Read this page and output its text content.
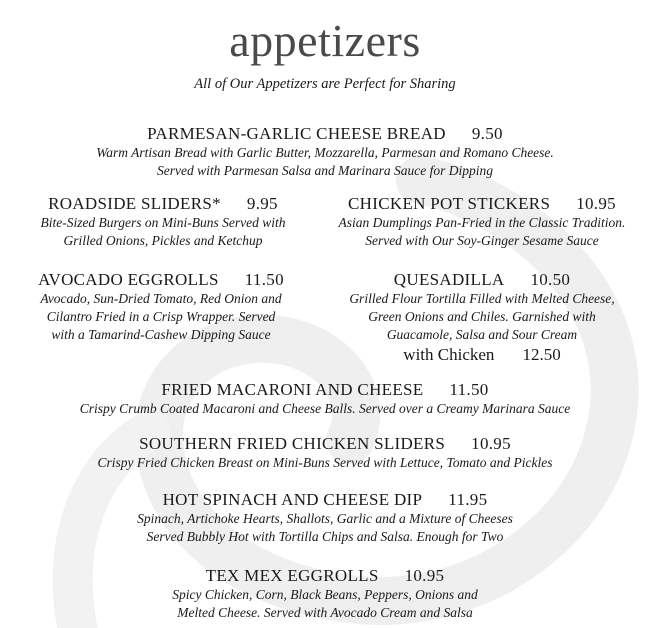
appetizers
All of Our Appetizers are Perfect for Sharing
PARMESAN-GARLIC CHEESE BREAD 9.50
Warm Artisan Bread with Garlic Butter, Mozzarella, Parmesan and Romano Cheese.
Served with Parmesan Salsa and Marinara Sauce for Dipping
ROADSIDE SLIDERS* 9.95
Bite-Sized Burgers on Mini-Buns Served with
Grilled Onions, Pickles and Ketchup
CHICKEN POT STICKERS 10.95
Asian Dumplings Pan-Fried in the Classic Tradition.
Served with Our Soy-Ginger Sesame Sauce
AVOCADO EGGROLLS 11.50
Avocado, Sun-Dried Tomato, Red Onion and
Cilantro Fried in a Crisp Wrapper. Served
with a Tamarind-Cashew Dipping Sauce
QUESADILLA 10.50
Grilled Flour Tortilla Filled with Melted Cheese,
Green Onions and Chiles. Garnished with
Guacamole, Salsa and Sour Cream
with Chicken 12.50
FRIED MACARONI AND CHEESE 11.50
Crispy Crumb Coated Macaroni and Cheese Balls. Served over a Creamy Marinara Sauce
SOUTHERN FRIED CHICKEN SLIDERS 10.95
Crispy Fried Chicken Breast on Mini-Buns Served with Lettuce, Tomato and Pickles
HOT SPINACH AND CHEESE DIP 11.95
Spinach, Artichoke Hearts, Shallots, Garlic and a Mixture of Cheeses
Served Bubbly Hot with Tortilla Chips and Salsa. Enough for Two
TEX MEX EGGROLLS 10.95
Spicy Chicken, Corn, Black Beans, Peppers, Onions and
Melted Cheese. Served with Avocado Cream and Salsa
